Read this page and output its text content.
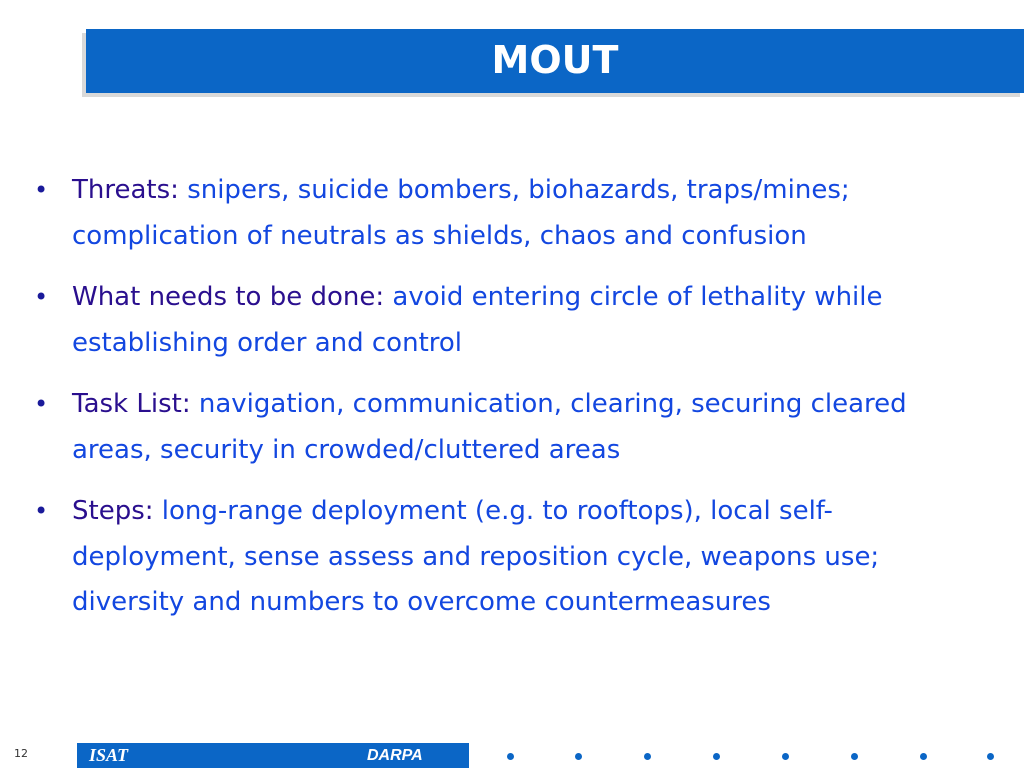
MOUT
• Threats: snipers, suicide bombers, biohazards, traps/mines; complication of neutrals as shields, chaos and confusion
• What needs to be done: avoid entering circle of lethality while establishing order and control
• Task List: navigation, communication, clearing, securing cleared areas, security in crowded/cluttered areas
• Steps: long-range deployment (e.g. to rooftops), local self-deployment, sense assess and reposition cycle, weapons use; diversity and numbers to overcome countermeasures
12	ISAT	DARPA
